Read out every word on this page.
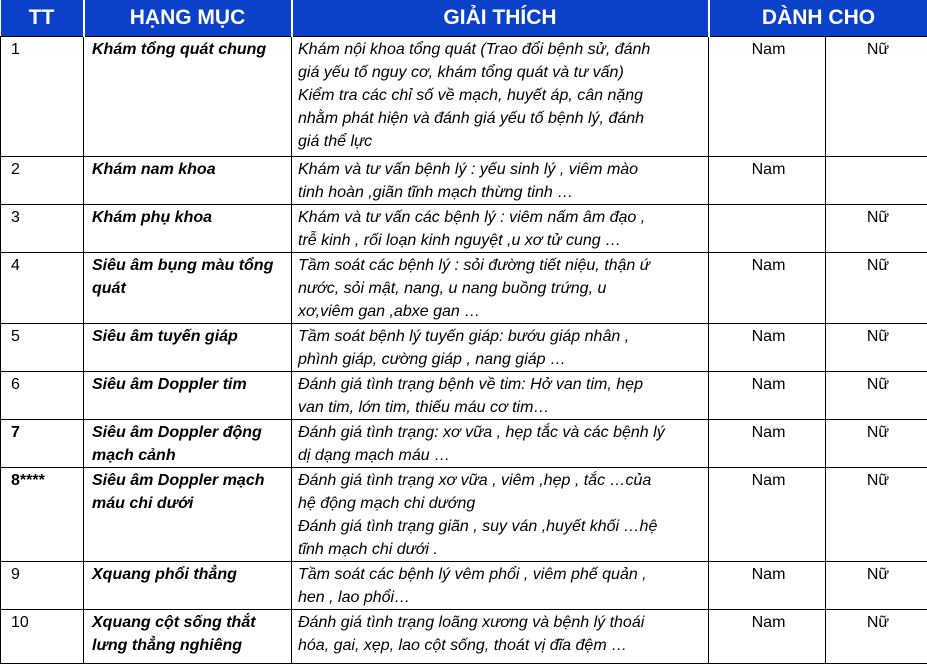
TT	HẠNG MỤC	GIẢI THÍCH	DÀNH CHO	
1	Khám tổng quát chung	Khám nội khoa tổng quát (Trao đổi bệnh sử, đánh
giá yếu tố nguy cơ, khám tổng quát và tư vấn)
Kiểm tra các chỉ số về mạch, huyết áp, cân nặng
nhằm phát hiện và đánh giá yếu tố bệnh lý, đánh
giá thể lực	Nam	Nữ
2	Khám nam khoa	Khám và tư vấn bệnh lý : yếu sinh lý , viêm mào
tinh hoàn ,giãn tĩnh mạch thừng tinh …	Nam	
3	Khám phụ khoa	Khám và tư vấn các bệnh lý : viêm nấm âm đạo ,
trễ kinh , rối loạn kinh nguyệt ,u xơ tử cung …		Nữ
4	Siêu âm bụng màu tổng
quát	Tầm soát các bệnh lý : sỏi đường tiết niệu, thận ứ
nước, sỏi mật, nang, u nang buồng trứng, u
xơ,viêm gan ,abxe gan …	Nam	Nữ
5	Siêu âm tuyến giáp	Tầm soát bệnh lý tuyến giáp: bướu giáp nhân ,
phình giáp, cường giáp , nang giáp …	Nam	Nữ
6	Siêu âm Doppler tim	Đánh giá tình trạng bệnh về tim: Hở van tim, hẹp
van tim, lớn tim, thiếu máu cơ tim…	Nam	Nữ
7	Siêu âm Doppler động
mạch cảnh	Đánh giá tình trạng: xơ vữa , hẹp tắc và các bệnh lý
dị dạng mạch máu …	Nam	Nữ
8****	Siêu âm Doppler mạch
máu chi dưới	Đánh giá tình trạng xơ vữa , viêm ,hẹp , tắc …của
hệ động mạch chi dướng
Đánh giá tình trạng giãn , suy ván ,huyết khối …hệ
tĩnh mạch chi dưới .	Nam	Nữ
9	Xquang phổi thẳng	Tầm soát các bệnh lý vêm phổi , viêm phế quản ,
hen , lao phổi…	Nam	Nữ
10	Xquang cột sống thắt
lưng thẳng nghiêng	Đánh giá tình trạng loãng xương và bệnh lý thoái
hóa, gai, xẹp, lao cột sống, thoát vị đĩa đệm …	Nam	Nữ
